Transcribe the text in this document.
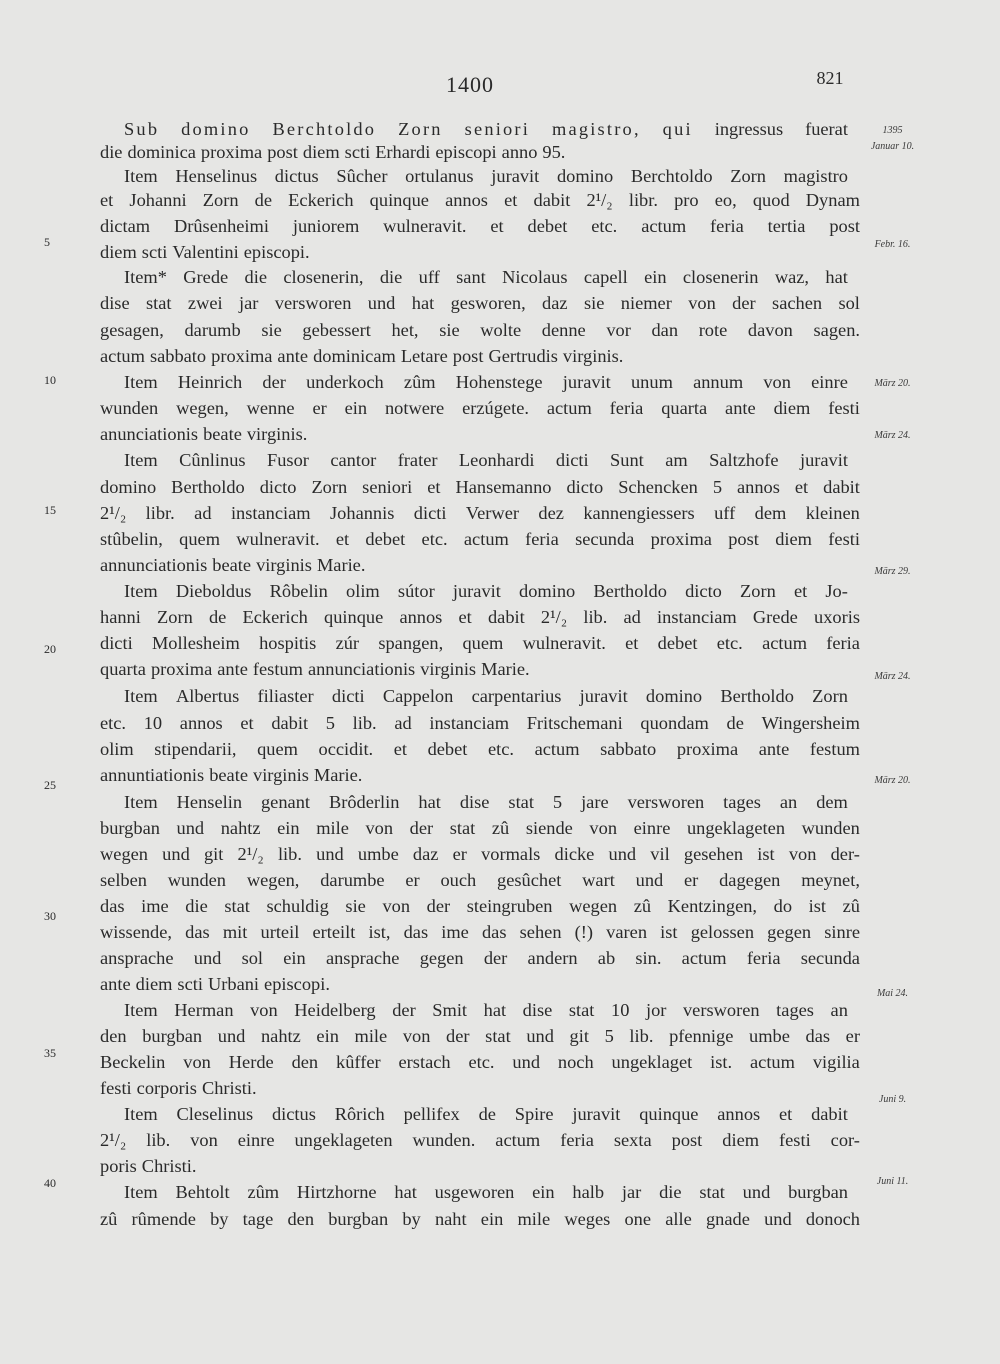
1400	821
Sub domino Berchtoldo Zorn seniori magistro, qui ingressus fuerat
die dominica proxima post diem scti Erhardi episcopi anno 95.
Item Henselinus dictus Sûcher ortulanus juravit domino Berchtoldo Zorn magistro
et Johanni Zorn de Eckerich quinque annos et dabit 2¹/₂ libr. pro eo, quod Dynam
dictam Drûsenheimi juniorem wulneravit. et debet etc. actum feria tertia post
diem scti Valentini episcopi.
Item* Grede die closenerin, die uff sant Nicolaus capell ein closenerin waz, hat
dise stat zwei jar versworen und hat gesworen, daz sie niemer von der sachen sol
gesagen, darumb sie gebessert het, sie wolte denne vor dan rote davon sagen.
actum sabbato proxima ante dominicam Letare post Gertrudis virginis.
Item Heinrich der underkoch zûm Hohenstege juravit unum annum von einre
wunden wegen, wenne er ein notwere erzúgete. actum feria quarta ante diem festi
anunciationis beate virginis.
Item Cûnlinus Fusor cantor frater Leonhardi dicti Sunt am Saltzhofe juravit
domino Bertholdo dicto Zorn seniori et Hansemanno dicto Schencken 5 annos et dabit
2¹/₂ libr. ad instanciam Johannis dicti Verwer dez kannengiessers uff dem kleinen
stûbelin, quem wulneravit. et debet etc. actum feria secunda proxima post diem festi
annunciationis beate virginis Marie.
Item Dieboldus Rôbelin olim sútor juravit domino Bertholdo dicto Zorn et Jo-
hanni Zorn de Eckerich quinque annos et dabit 2¹/₂ lib. ad instanciam Grede uxoris
dicti Mollesheim hospitis zúr spangen, quem wulneravit. et debet etc. actum feria
quarta proxima ante festum annunciationis virginis Marie.
Item Albertus filiaster dicti Cappelon carpentarius juravit domino Bertholdo Zorn
etc. 10 annos et dabit 5 lib. ad instanciam Fritschemani quondam de Wingersheim
olim stipendarii, quem occidit. et debet etc. actum sabbato proxima ante festum
annuntiationis beate virginis Marie.
Item Henselin genant Brôderlin hat dise stat 5 jare versworen tages an dem
burgban und nahtz ein mile von der stat zû siende von einre ungeklageten wunden
wegen und git 2¹/₂ lib. und umbe daz er vormals dicke und vil gesehen ist von der-
selben wunden wegen, darumbe er ouch gesûchet wart und er dagegen meynet,
das ime die stat schuldig sie von der steingruben wegen zû Kentzingen, do ist zû
wissende, das mit urteil erteilt ist, das ime das sehen (!) varen ist gelossen gegen sinre
ansprache und sol ein ansprache gegen der andern ab sin. actum feria secunda
ante diem scti Urbani episcopi.
Item Herman von Heidelberg der Smit hat dise stat 10 jor versworen tages an
den burgban und nahtz ein mile von der stat und git 5 lib. pfennige umbe das er
Beckelin von Herde den kûffer erstach etc. und noch ungeklaget ist. actum vigilia
festi corporis Christi.
Item Cleselinus dictus Rôrich pellifex de Spire juravit quinque annos et dabit
2¹/₂ lib. von einre ungeklageten wunden. actum feria sexta post diem festi cor-
poris Christi.
Item Behtolt zûm Hirtzhorne hat usgeworen ein halb jar die stat und burgban
zû rûmende by tage den burgban by naht ein mile weges one alle gnade und donoch
5
10
15
20
25
30
35
40
1395
Januar 10.
Febr. 16.
März 20.
März 24.
März 29.
März 24.
März 20.
Mai 24.
Juni 9.
Juni 11.
